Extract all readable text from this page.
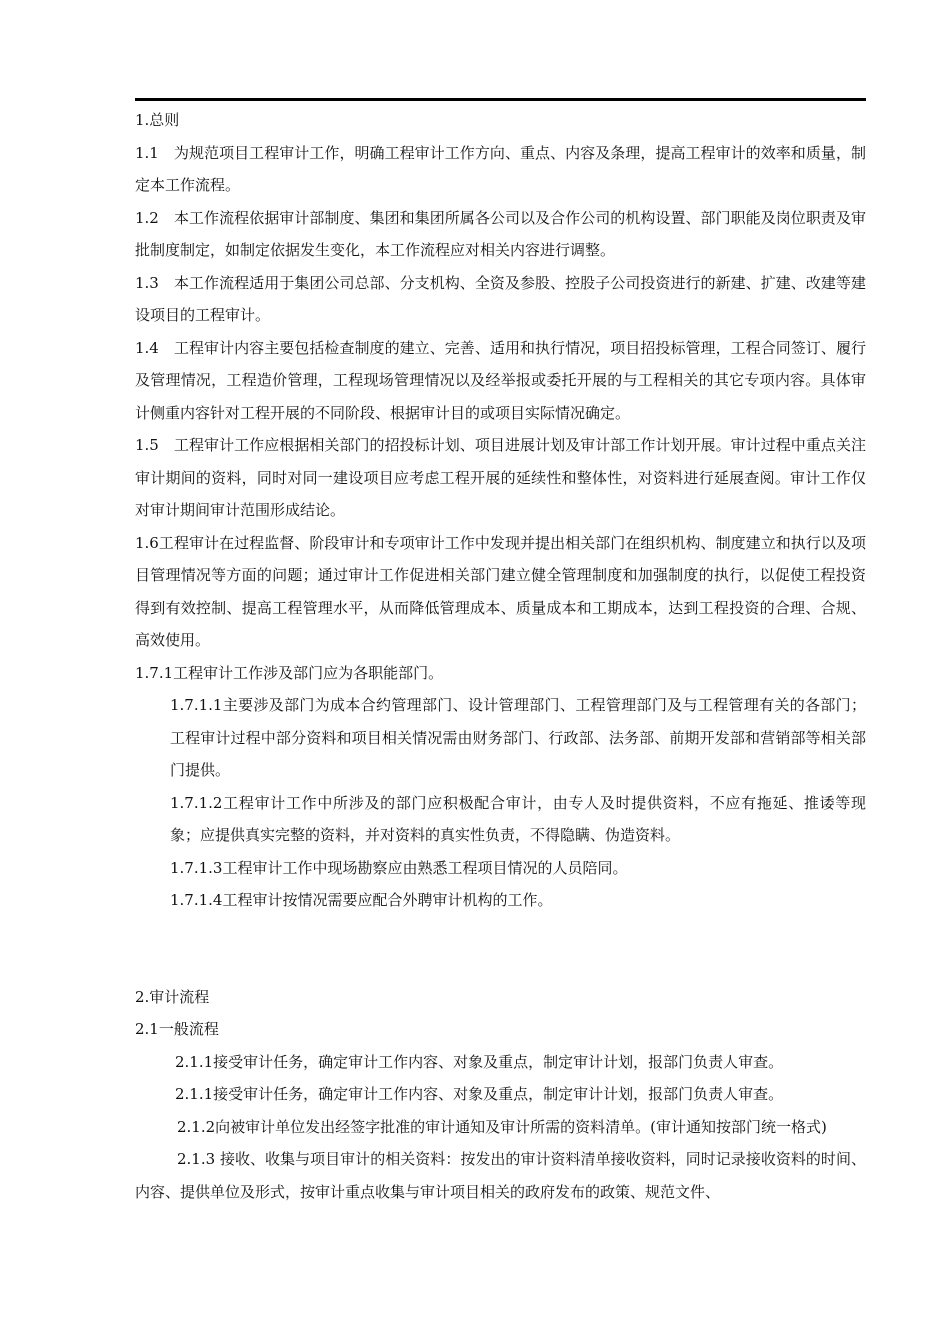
1.总则

1.1　为规范项目工程审计工作，明确工程审计工作方向、重点、内容及条理，提高工程审计的效率和质量，制定本工作流程。

1.2　本工作流程依据审计部制度、集团和集团所属各公司以及合作公司的机构设置、部门职能及岗位职责及审批制度制定，如制定依据发生变化，本工作流程应对相关内容进行调整。

1.3　本工作流程适用于集团公司总部、分支机构、全资及参股、控股子公司投资进行的新建、扩建、改建等建设项目的工程审计。

1.4　工程审计内容主要包括检查制度的建立、完善、适用和执行情况，项目招投标管理，工程合同签订、履行及管理情况，工程造价管理，工程现场管理情况以及经举报或委托开展的与工程相关的其它专项内容。具体审计侧重内容针对工程开展的不同阶段、根据审计目的或项目实际情况确定。

1.5　工程审计工作应根据相关部门的招投标计划、项目进展计划及审计部工作计划开展。审计过程中重点关注审计期间的资料，同时对同一建设项目应考虑工程开展的延续性和整体性，对资料进行延展查阅。审计工作仅对审计期间审计范围形成结论。

1.6工程审计在过程监督、阶段审计和专项审计工作中发现并提出相关部门在组织机构、制度建立和执行以及项目管理情况等方面的问题；通过审计工作促进相关部门建立健全管理制度和加强制度的执行，以促使工程投资得到有效控制、提高工程管理水平，从而降低管理成本、质量成本和工期成本，达到工程投资的合理、合规、高效使用。

1.7.1工程审计工作涉及部门应为各职能部门。

1.7.1.1主要涉及部门为成本合约管理部门、设计管理部门、工程管理部门及与工程管理有关的各部门；工程审计过程中部分资料和项目相关情况需由财务部门、行政部、法务部、前期开发部和营销部等相关部门提供。

1.7.1.2工程审计工作中所涉及的部门应积极配合审计，由专人及时提供资料，不应有拖延、推诿等现象；应提供真实完整的资料，并对资料的真实性负责，不得隐瞒、伪造资料。

1.7.1.3工程审计工作中现场勘察应由熟悉工程项目情况的人员陪同。

1.7.1.4工程审计按情况需要应配合外聘审计机构的工作。

2.审计流程

2.1一般流程

2.1.1接受审计任务，确定审计工作内容、对象及重点，制定审计计划，报部门负责人审查。

2.1.1接受审计任务，确定审计工作内容、对象及重点，制定审计计划，报部门负责人审查。

2.1.2向被审计单位发出经签字批准的审计通知及审计所需的资料清单。(审计通知按部门统一格式)

2.1.3 接收、收集与项目审计的相关资料：按发出的审计资料清单接收资料，同时记录接收资料的时间、内容、提供单位及形式，按审计重点收集与审计项目相关的政府发布的政策、规范文件、
